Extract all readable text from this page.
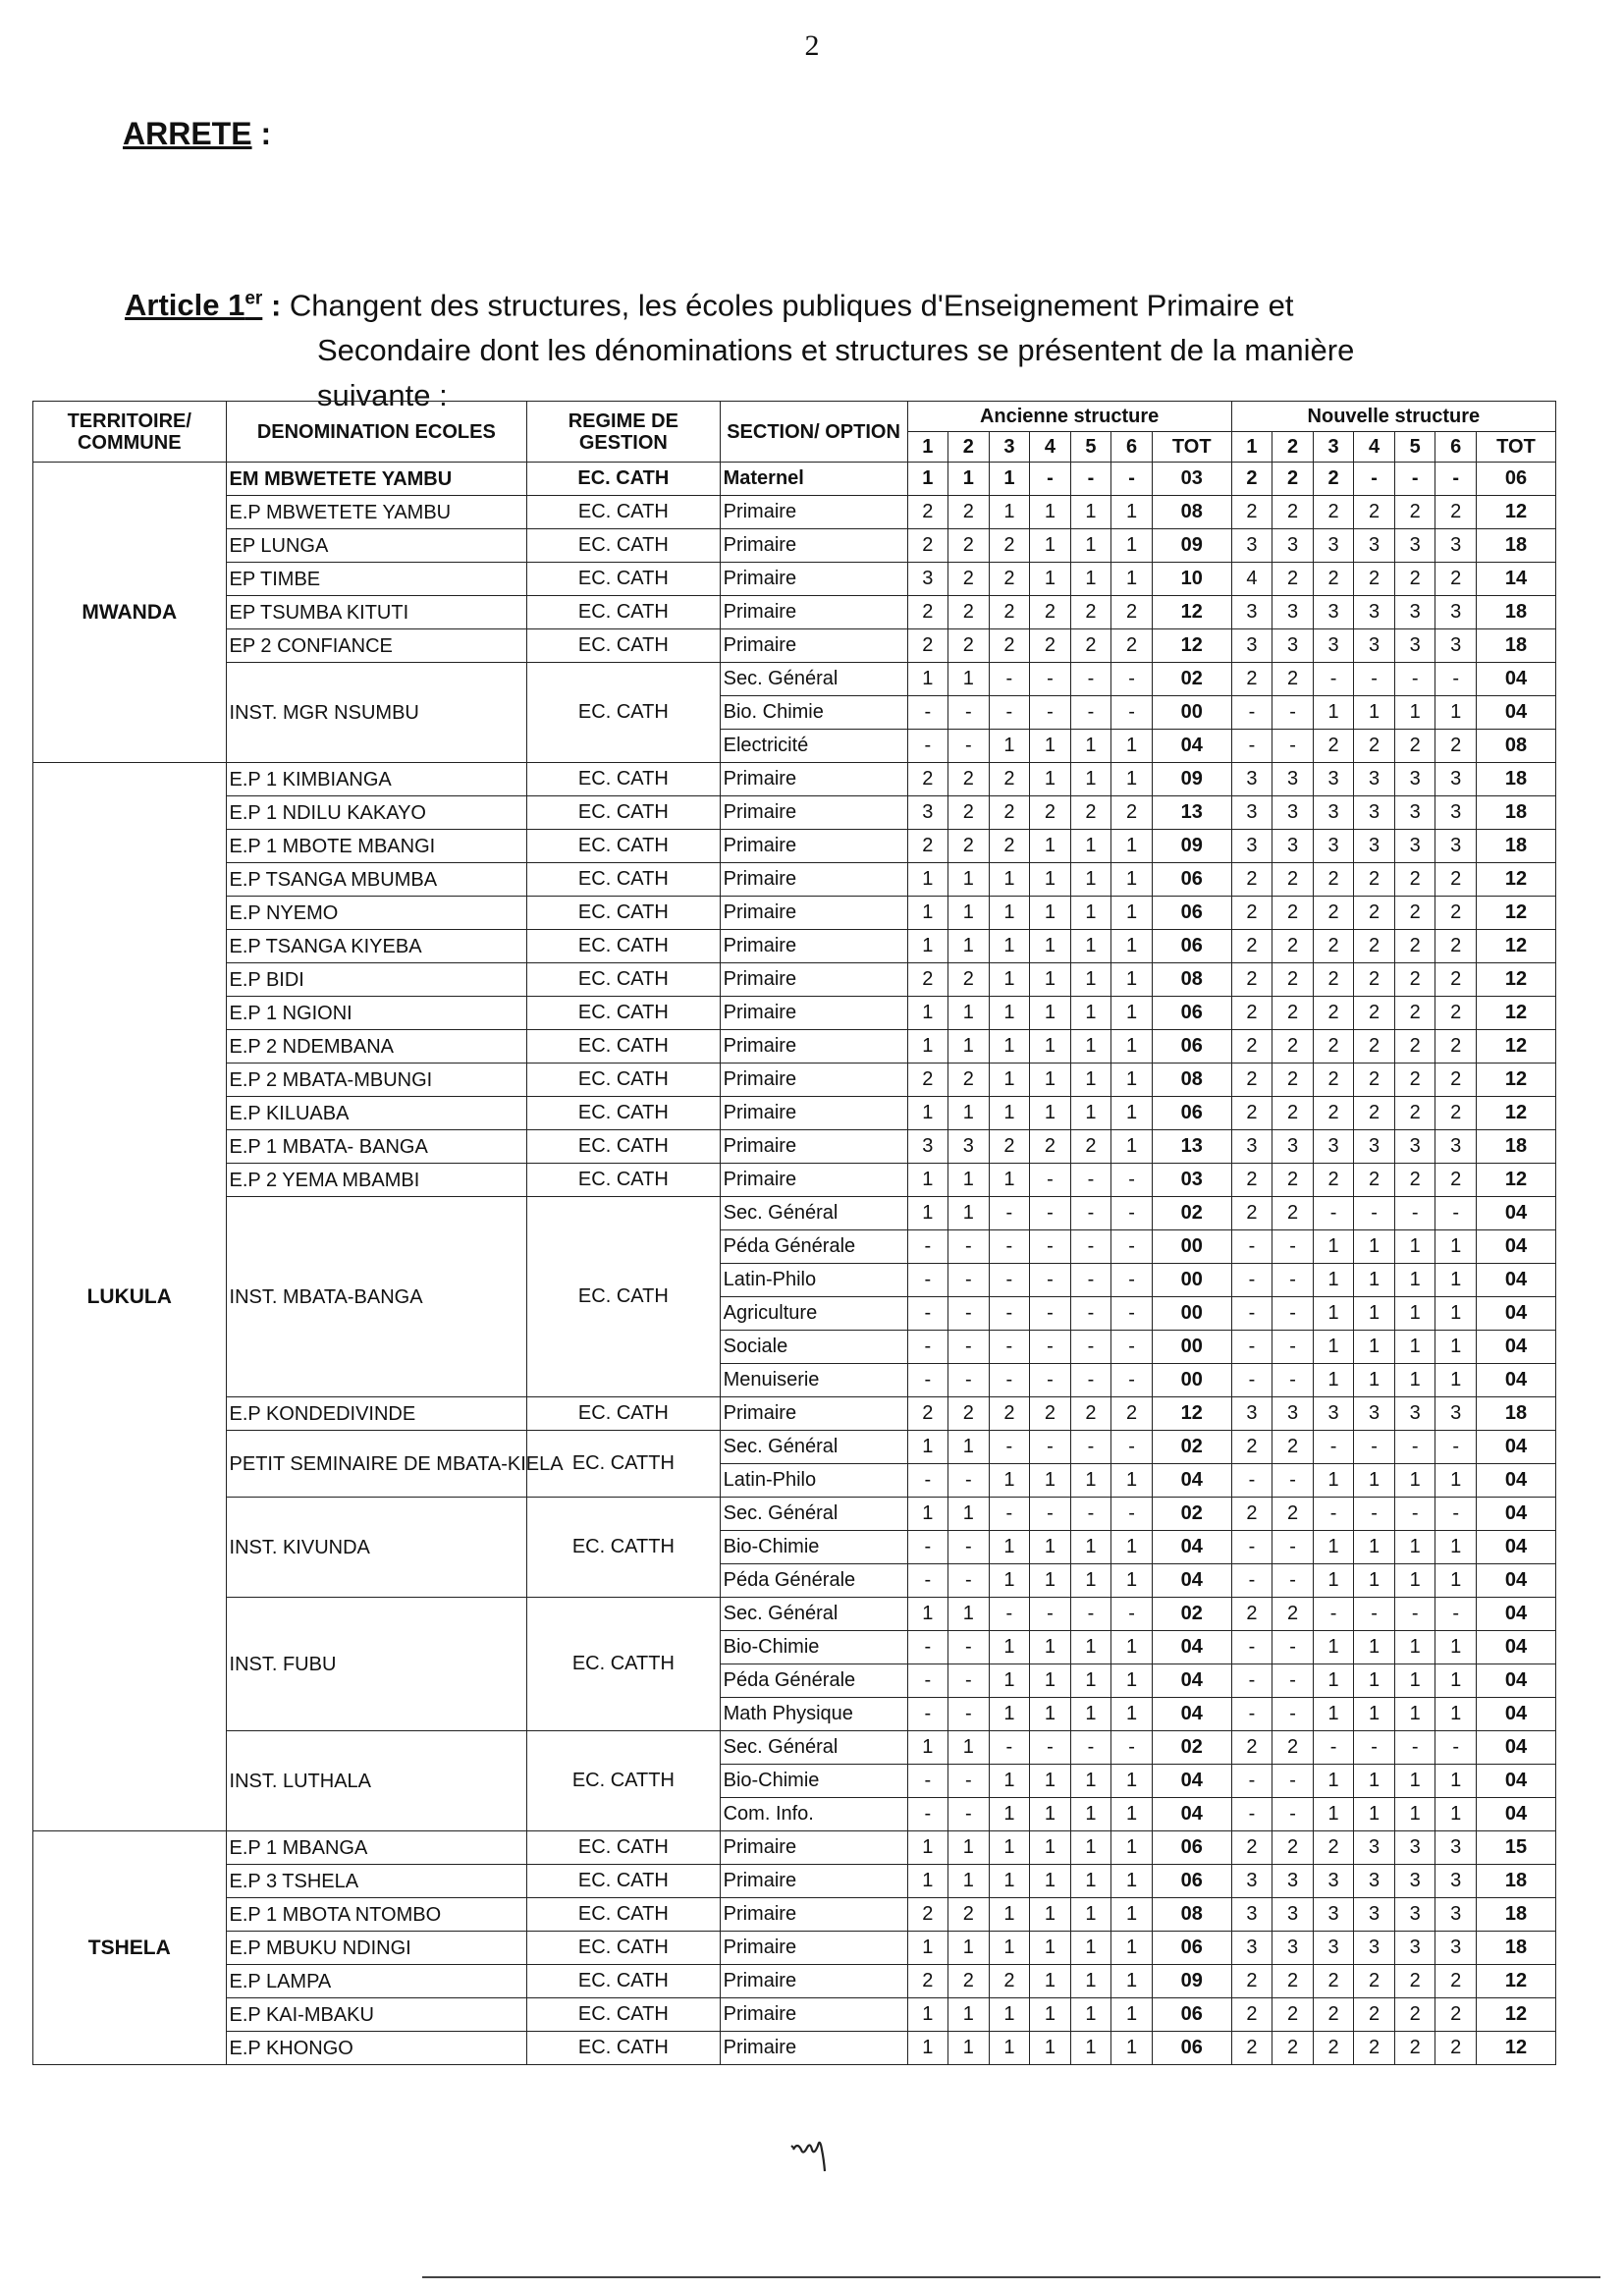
2
ARRETE :
Article 1er : Changent des structures, les écoles publiques d'Enseignement Primaire et
Secondaire dont les dénominations et structures se présentent de la manière
suivante :
TERRITOIRE/ COMMUNE	DENOMINATION ECOLES	REGIME DE GESTION	SECTION/ OPTION	Ancienne structure							Nouvelle structure						
				1	2	3	4	5	6	TOT	1	2	3	4	5	6	TOT
MWANDA	EM MBWETETE YAMBU	EC. CATH	Maternel	1	1	1	-	-	-	03	2	2	2	-	-	-	06
	E.P MBWETETE YAMBU	EC. CATH	Primaire	2	2	1	1	1	1	08	2	2	2	2	2	2	12
	EP LUNGA	EC. CATH	Primaire	2	2	2	1	1	1	09	3	3	3	3	3	3	18
	EP TIMBE	EC. CATH	Primaire	3	2	2	1	1	1	10	4	2	2	2	2	2	14
	EP TSUMBA KITUTI	EC. CATH	Primaire	2	2	2	2	2	2	12	3	3	3	3	3	3	18
	EP 2 CONFIANCE	EC. CATH	Primaire	2	2	2	2	2	2	12	3	3	3	3	3	3	18
	INST. MGR NSUMBU	EC. CATH	Sec. Général	1	1	-	-	-	-	02	2	2	-	-	-	-	04
			Bio. Chimie	-	-	-	-	-	-	00	-	-	1	1	1	1	04
			Electricité	-	-	1	1	1	1	04	-	-	2	2	2	2	08
LUKULA	E.P 1 KIMBIANGA	EC. CATH	Primaire	2	2	2	1	1	1	09	3	3	3	3	3	3	18
	E.P 1 NDILU KAKAYO	EC. CATH	Primaire	3	2	2	2	2	2	13	3	3	3	3	3	3	18
	E.P 1 MBOTE MBANGI	EC. CATH	Primaire	2	2	2	1	1	1	09	3	3	3	3	3	3	18
	E.P TSANGA MBUMBA	EC. CATH	Primaire	1	1	1	1	1	1	06	2	2	2	2	2	2	12
	E.P NYEMO	EC. CATH	Primaire	1	1	1	1	1	1	06	2	2	2	2	2	2	12
	E.P TSANGA KIYEBA	EC. CATH	Primaire	1	1	1	1	1	1	06	2	2	2	2	2	2	12
	E.P BIDI	EC. CATH	Primaire	2	2	1	1	1	1	08	2	2	2	2	2	2	12
	E.P 1 NGIONI	EC. CATH	Primaire	1	1	1	1	1	1	06	2	2	2	2	2	2	12
	E.P 2 NDEMBANA	EC. CATH	Primaire	1	1	1	1	1	1	06	2	2	2	2	2	2	12
	E.P 2 MBATA-MBUNGI	EC. CATH	Primaire	2	2	1	1	1	1	08	2	2	2	2	2	2	12
	E.P KILUABA	EC. CATH	Primaire	1	1	1	1	1	1	06	2	2	2	2	2	2	12
	E.P 1 MBATA- BANGA	EC. CATH	Primaire	3	3	2	2	2	1	13	3	3	3	3	3	3	18
	E.P 2 YEMA MBAMBI	EC. CATH	Primaire	1	1	1	-	-	-	03	2	2	2	2	2	2	12
	INST. MBATA-BANGA	EC. CATH	Sec. Général	1	1	-	-	-	-	02	2	2	-	-	-	-	04
			Péda Générale	-	-	-	-	-	-	00	-	-	1	1	1	1	04
			Latin-Philo	-	-	-	-	-	-	00	-	-	1	1	1	1	04
			Agriculture	-	-	-	-	-	-	00	-	-	1	1	1	1	04
			Sociale	-	-	-	-	-	-	00	-	-	1	1	1	1	04
			Menuiserie	-	-	-	-	-	-	00	-	-	1	1	1	1	04
	E.P KONDEDIVINDE	EC. CATH	Primaire	2	2	2	2	2	2	12	3	3	3	3	3	3	18
	PETIT SEMINAIRE DE MBATA-KIELA	EC. CATTH	Sec. Général	1	1	-	-	-	-	02	2	2	-	-	-	-	04
			Latin-Philo	-	-	1	1	1	1	04	-	-	1	1	1	1	04
	INST. KIVUNDA	EC. CATTH	Sec. Général	1	1	-	-	-	-	02	2	2	-	-	-	-	04
			Bio-Chimie	-	-	1	1	1	1	04	-	-	1	1	1	1	04
			Péda Générale	-	-	1	1	1	1	04	-	-	1	1	1	1	04
	INST. FUBU	EC. CATTH	Sec. Général	1	1	-	-	-	-	02	2	2	-	-	-	-	04
			Bio-Chimie	-	-	1	1	1	1	04	-	-	1	1	1	1	04
			Péda Générale	-	-	1	1	1	1	04	-	-	1	1	1	1	04
			Math Physique	-	-	1	1	1	1	04	-	-	1	1	1	1	04
	INST. LUTHALA	EC. CATTH	Sec. Général	1	1	-	-	-	-	02	2	2	-	-	-	-	04
			Bio-Chimie	-	-	1	1	1	1	04	-	-	1	1	1	1	04
			Com. Info.	-	-	1	1	1	1	04	-	-	1	1	1	1	04
TSHELA	E.P 1 MBANGA	EC. CATH	Primaire	1	1	1	1	1	1	06	2	2	2	3	3	3	15
	E.P 3 TSHELA	EC. CATH	Primaire	1	1	1	1	1	1	06	3	3	3	3	3	3	18
	E.P 1 MBOTA NTOMBO	EC. CATH	Primaire	2	2	1	1	1	1	08	3	3	3	3	3	3	18
	E.P MBUKU NDINGI	EC. CATH	Primaire	1	1	1	1	1	1	06	3	3	3	3	3	3	18
	E.P LAMPA	EC. CATH	Primaire	2	2	2	1	1	1	09	2	2	2	2	2	2	12
	E.P KAI-MBAKU	EC. CATH	Primaire	1	1	1	1	1	1	06	2	2	2	2	2	2	12
	E.P KHONGO	EC. CATH	Primaire	1	1	1	1	1	1	06	2	2	2	2	2	2	12
